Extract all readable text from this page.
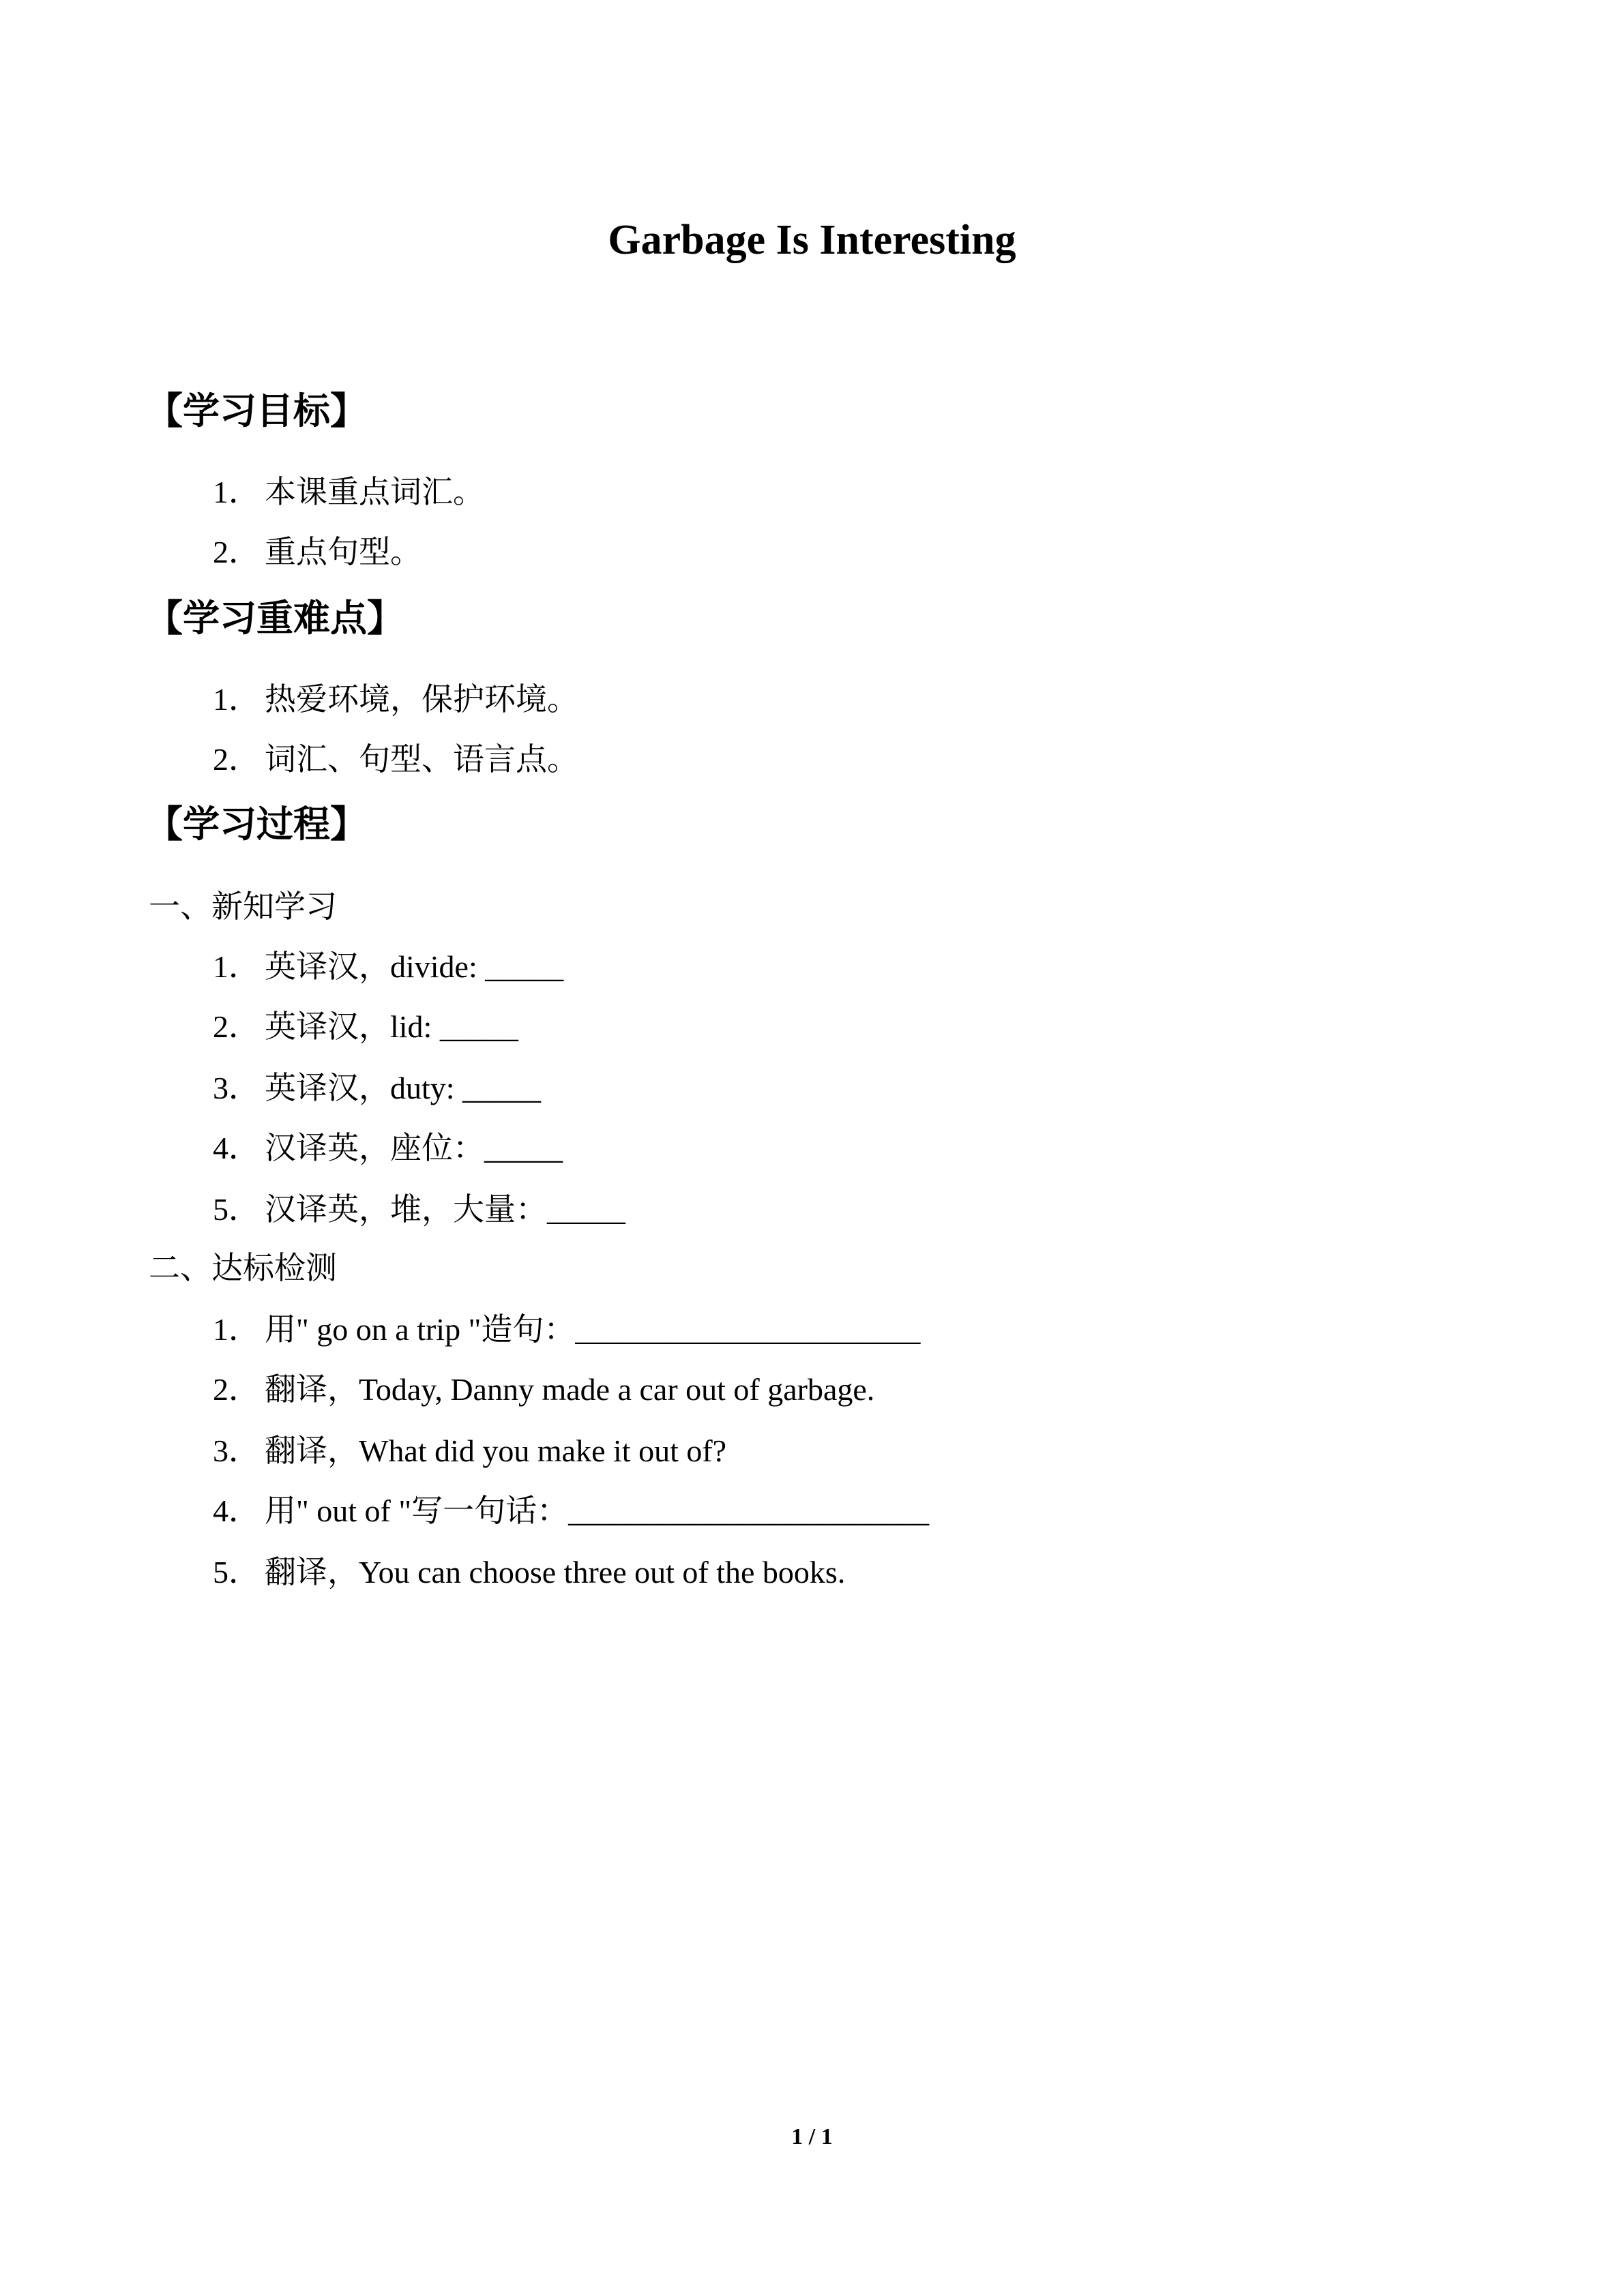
Garbage Is Interesting
【学习目标】
1． 本课重点词汇。
2． 重点句型。
【学习重难点】
1． 热爱环境，保护环境。
2． 词汇、句型、语言点。
【学习过程】
一、新知学习
1． 英译汉，divide: _____
2． 英译汉，lid: _____
3． 英译汉，duty: _____
4． 汉译英，座位：_____
5． 汉译英，堆，大量：_____
二、达标检测
1． 用" go on a trip "造句：______________________
2． 翻译，Today, Danny made a car out of garbage.
3． 翻译，What did you make it out of?
4． 用" out of "写一句话：_______________________
5． 翻译，You can choose three out of the books.
1 / 1
